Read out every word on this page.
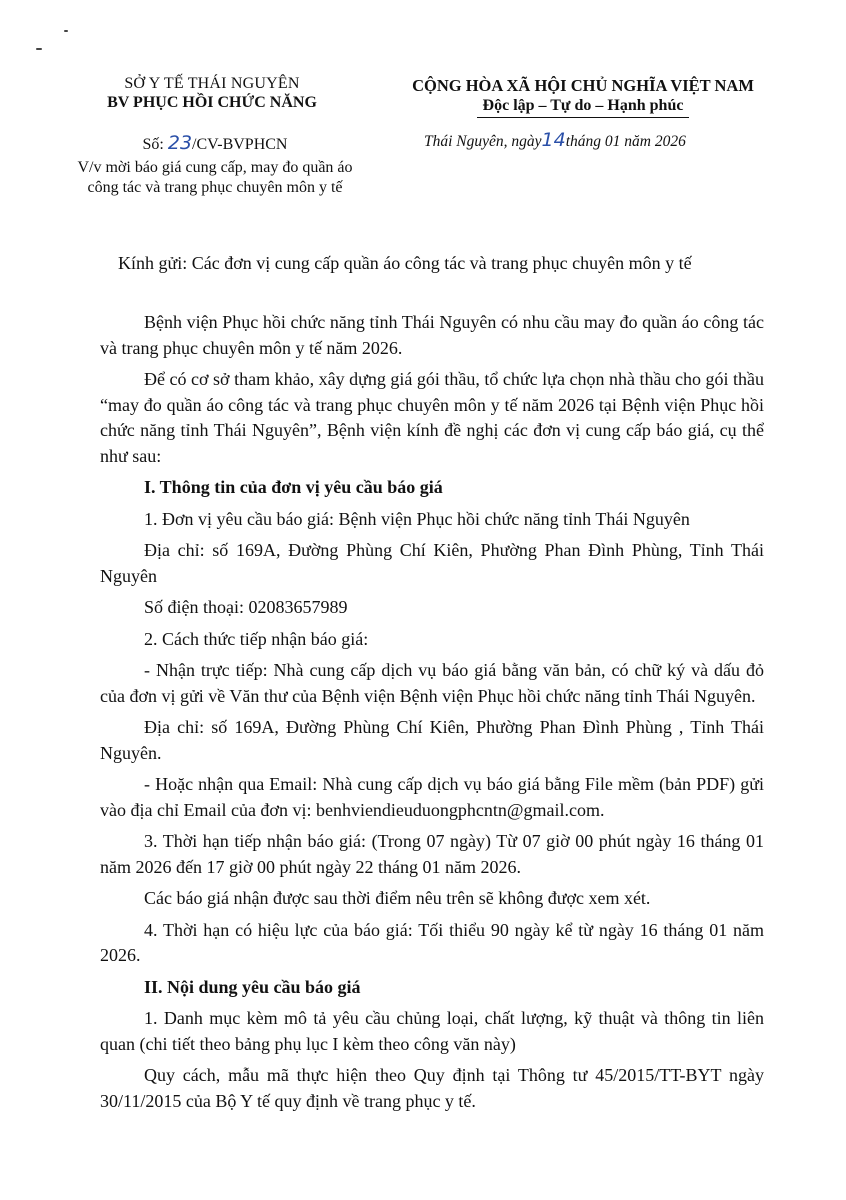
SỞ Y TẾ THÁI NGUYÊN
BV PHỤC HỒI CHỨC NĂNG
CỘNG HÒA XÃ HỘI CHỦ NGHĨA VIỆT NAM
Độc lập – Tự do – Hạnh phúc
Số: 23/CV-BVPHCN
V/v mời báo giá cung cấp, may đo quần áo công tác và trang phục chuyên môn y tế
Thái Nguyên, ngày14tháng 01 năm 2026
Kính gửi: Các đơn vị cung cấp quần áo công tác và trang phục chuyên môn y tế

Bệnh viện Phục hồi chức năng tỉnh Thái Nguyên có nhu cầu may đo quần áo công tác và trang phục chuyên môn y tế năm 2026.

Để có cơ sở tham khảo, xây dựng giá gói thầu, tổ chức lựa chọn nhà thầu cho gói thầu “may đo quần áo công tác và trang phục chuyên môn y tế năm 2026 tại Bệnh viện Phục hồi chức năng tỉnh Thái Nguyên”, Bệnh viện kính đề nghị các đơn vị cung cấp báo giá, cụ thể như sau:

I. Thông tin của đơn vị yêu cầu báo giá

1. Đơn vị yêu cầu báo giá: Bệnh viện Phục hồi chức năng tỉnh Thái Nguyên

Địa chỉ: số 169A, Đường Phùng Chí Kiên, Phường Phan Đình Phùng, Tỉnh Thái Nguyên

Số điện thoại: 02083657989

2. Cách thức tiếp nhận báo giá:

- Nhận trực tiếp: Nhà cung cấp dịch vụ báo giá bằng văn bản, có chữ ký và dấu đỏ của đơn vị gửi về Văn thư của Bệnh viện Bệnh viện Phục hồi chức năng tỉnh Thái Nguyên.

Địa chỉ: số 169A, Đường Phùng Chí Kiên, Phường Phan Đình Phùng , Tỉnh Thái Nguyên.

- Hoặc nhận qua Email: Nhà cung cấp dịch vụ báo giá bằng File mềm (bản PDF) gửi vào địa chỉ Email của đơn vị: benhviendieuduongphcntn@gmail.com.

3. Thời hạn tiếp nhận báo giá: (Trong 07 ngày) Từ 07 giờ 00 phút ngày 16 tháng 01 năm 2026 đến 17 giờ 00 phút ngày 22 tháng 01 năm 2026.

Các báo giá nhận được sau thời điểm nêu trên sẽ không được xem xét.

4. Thời hạn có hiệu lực của báo giá: Tối thiểu 90 ngày kể từ ngày 16 tháng 01 năm 2026.

II. Nội dung yêu cầu báo giá

1. Danh mục kèm mô tả yêu cầu chủng loại, chất lượng, kỹ thuật và thông tin liên quan (chi tiết theo bảng phụ lục I kèm theo công văn này)

Quy cách, mẫu mã thực hiện theo Quy định tại Thông tư 45/2015/TT-BYT ngày 30/11/2015 của Bộ Y tế quy định về trang phục y tế.
